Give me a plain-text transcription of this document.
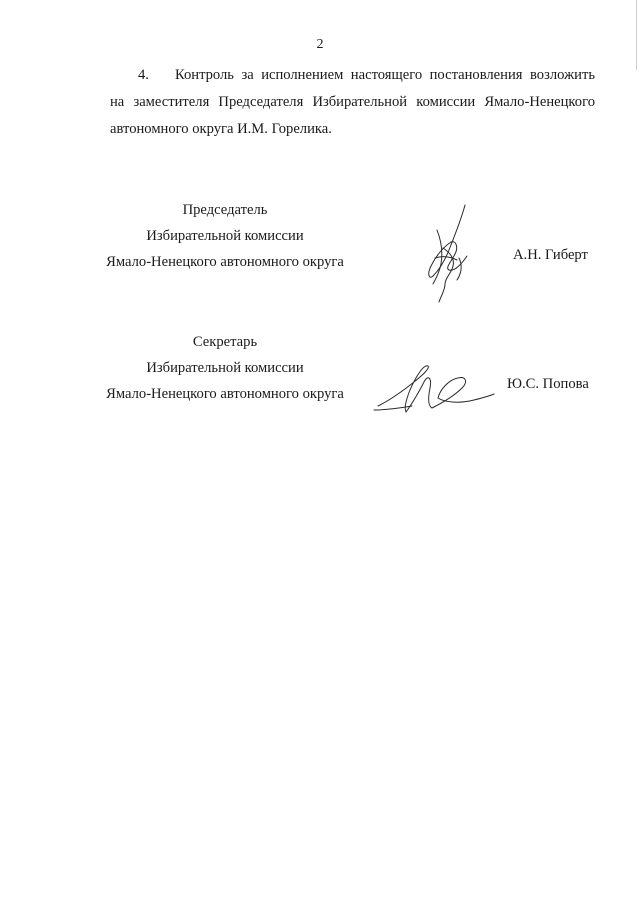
2
4. Контроль за исполнением настоящего постановления возложить
на заместителя Председателя Избирательной комиссии Ямало-Ненецкого
автономного округа И.М. Горелика.
Председатель
Избирательной комиссии
Ямало-Ненецкого автономного округа	А.Н. Гиберт
Секретарь
Избирательной комиссии
Ямало-Ненецкого автономного округа
Ю.С. Попова
